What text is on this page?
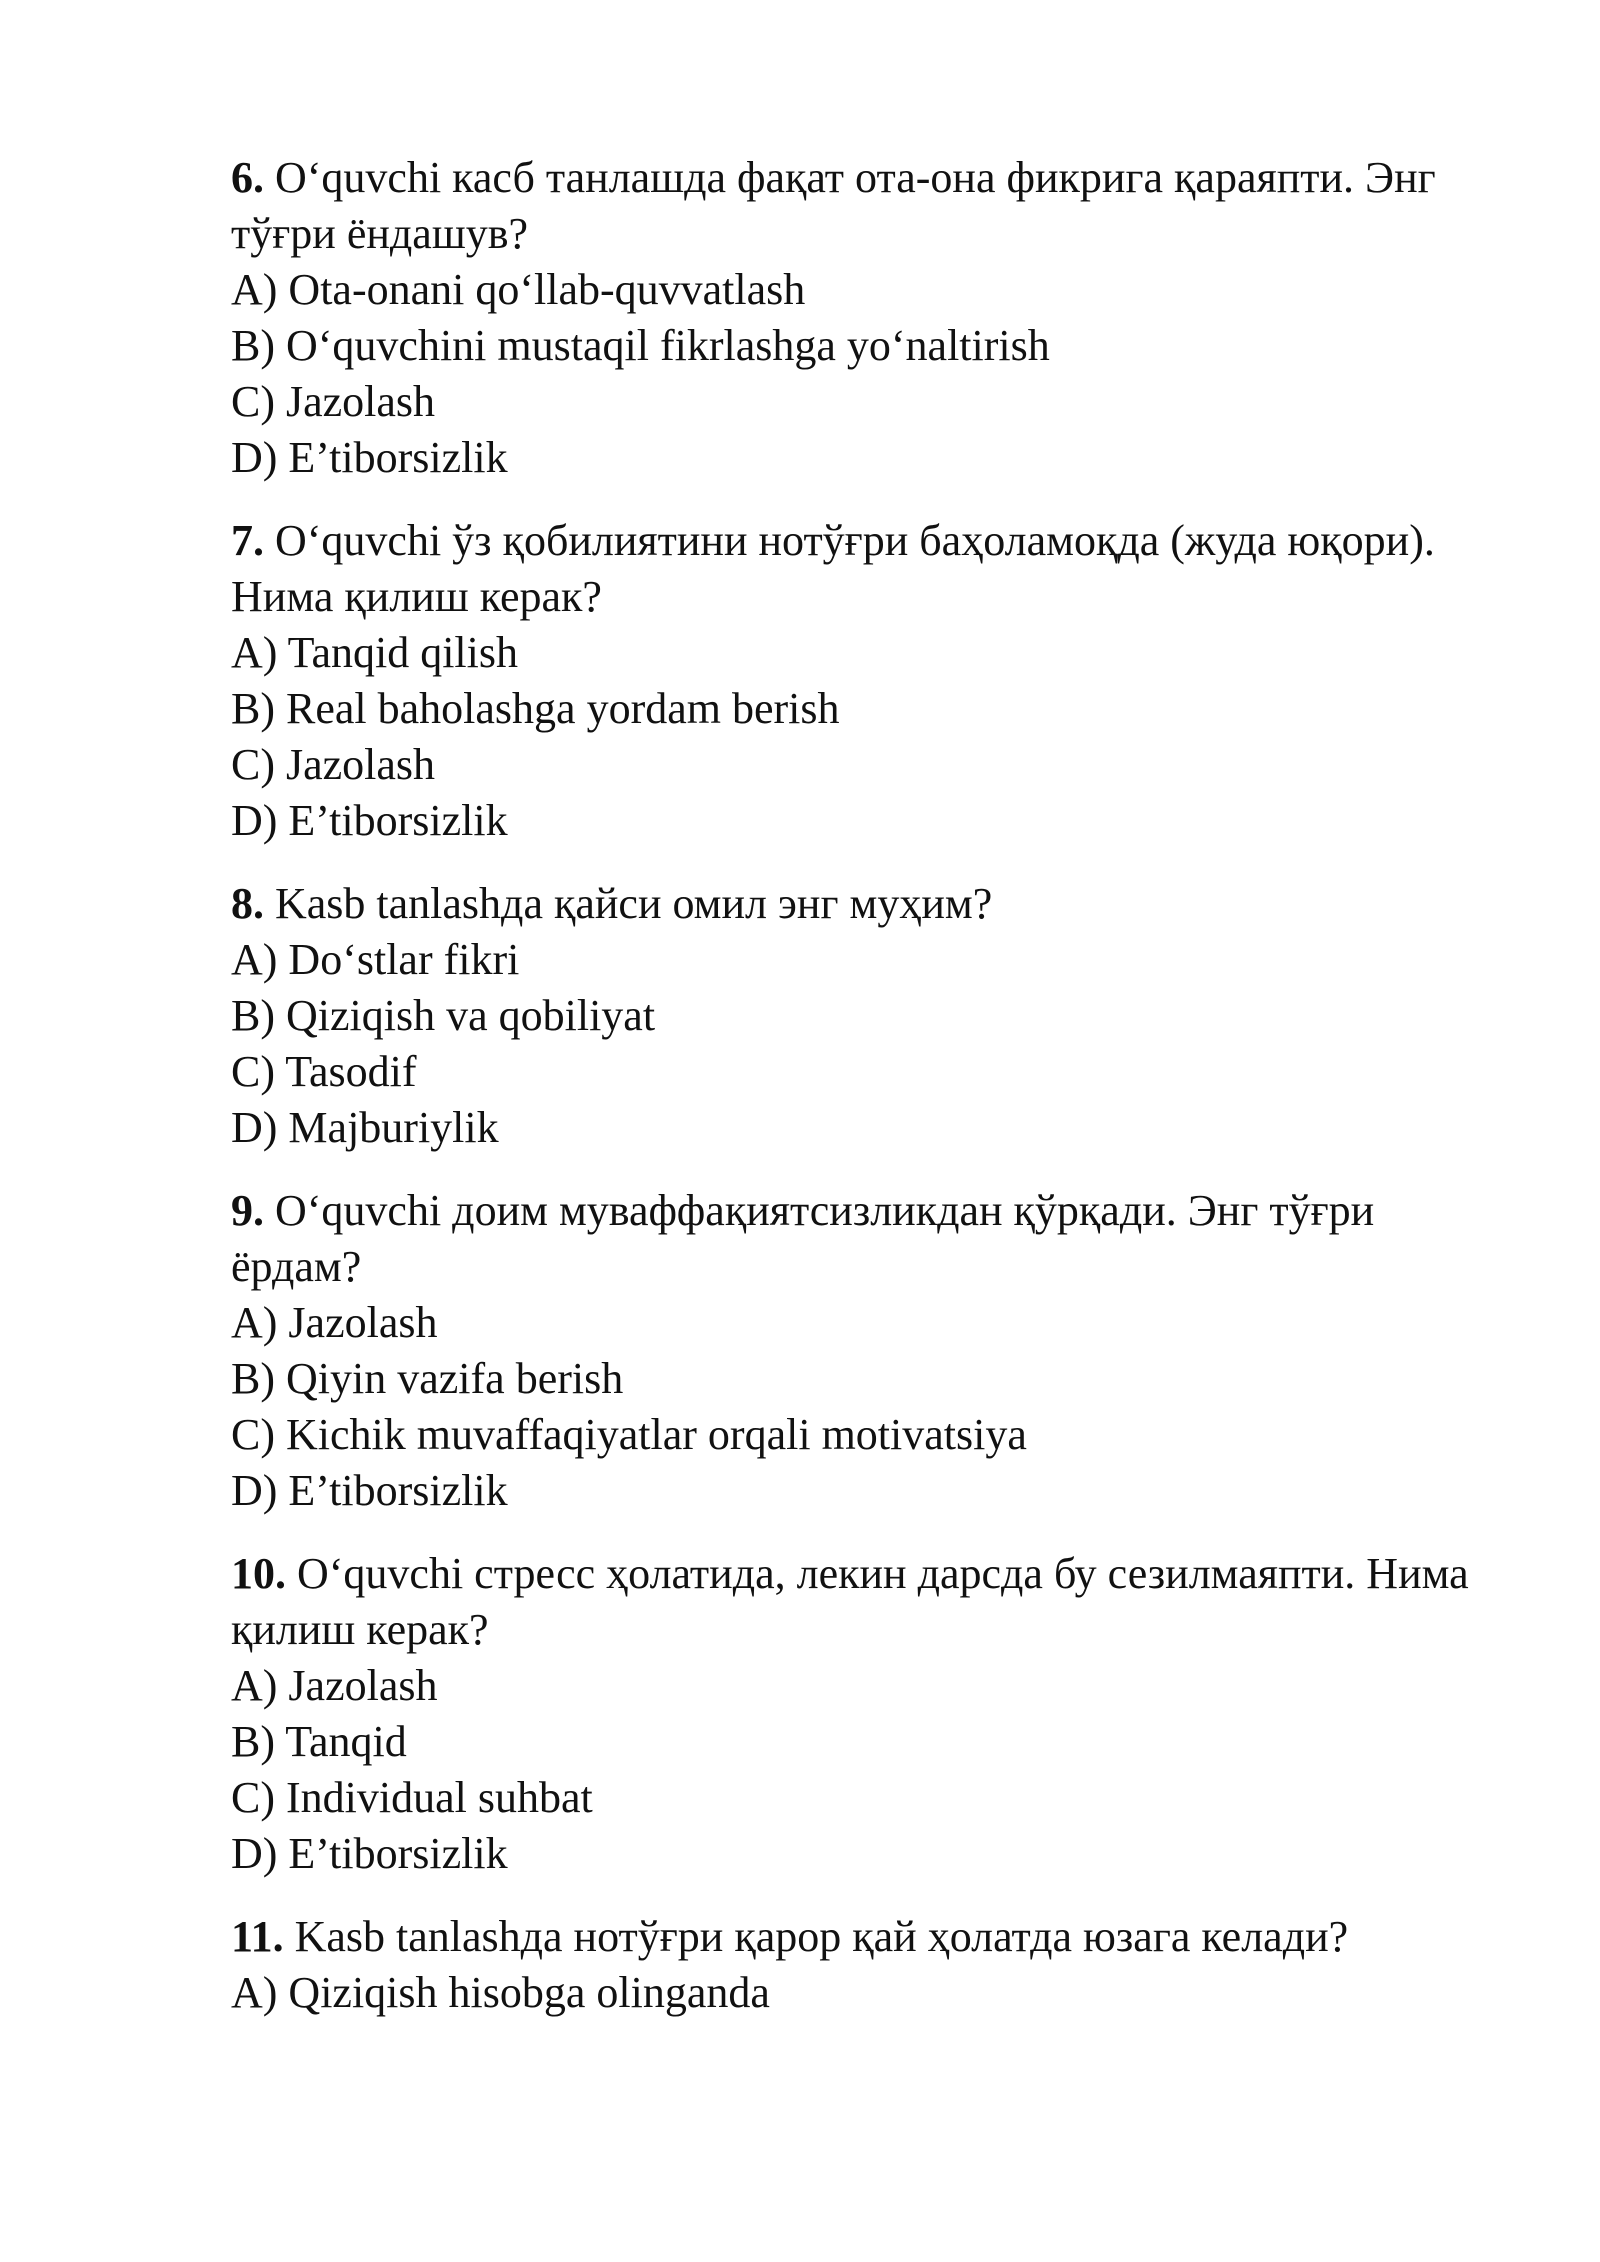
6. O‘quvchi касб танлашда фақат ота-она фикрига қараяпти. Энг тўғри ёндашув?

A) Ota-onani qo‘llab-quvvatlash

B) O‘quvchini mustaqil fikrlashga yo‘naltirish

C) Jazolash

D) E’tiborsizlik

7. O‘quvchi ўз қобилиятини нотўғри баҳоламоқда (жуда юқори). Нима қилиш керак?

A) Tanqid qilish

B) Real baholashga yordam berish

C) Jazolash

D) E’tiborsizlik

8. Kasb tanlashда қайси омил энг муҳим?

A) Do‘stlar fikri

B) Qiziqish va qobiliyat

C) Tasodif

D) Majburiylik

9. O‘quvchi доим муваффақиятсизликдан қўрқади. Энг тўғри ёрдам?

A) Jazolash

B) Qiyin vazifa berish

C) Kichik muvaffaqiyatlar orqali motivatsiya

D) E’tiborsizlik

10. O‘quvchi стресс ҳолатида, лекин дарсда бу сезилмаяпти. Нима қилиш керак?

A) Jazolash

B) Tanqid

C) Individual suhbat

D) E’tiborsizlik

11. Kasb tanlashда нотўғри қарор қай ҳолатда юзага келади?

A) Qiziqish hisobga olinganda
